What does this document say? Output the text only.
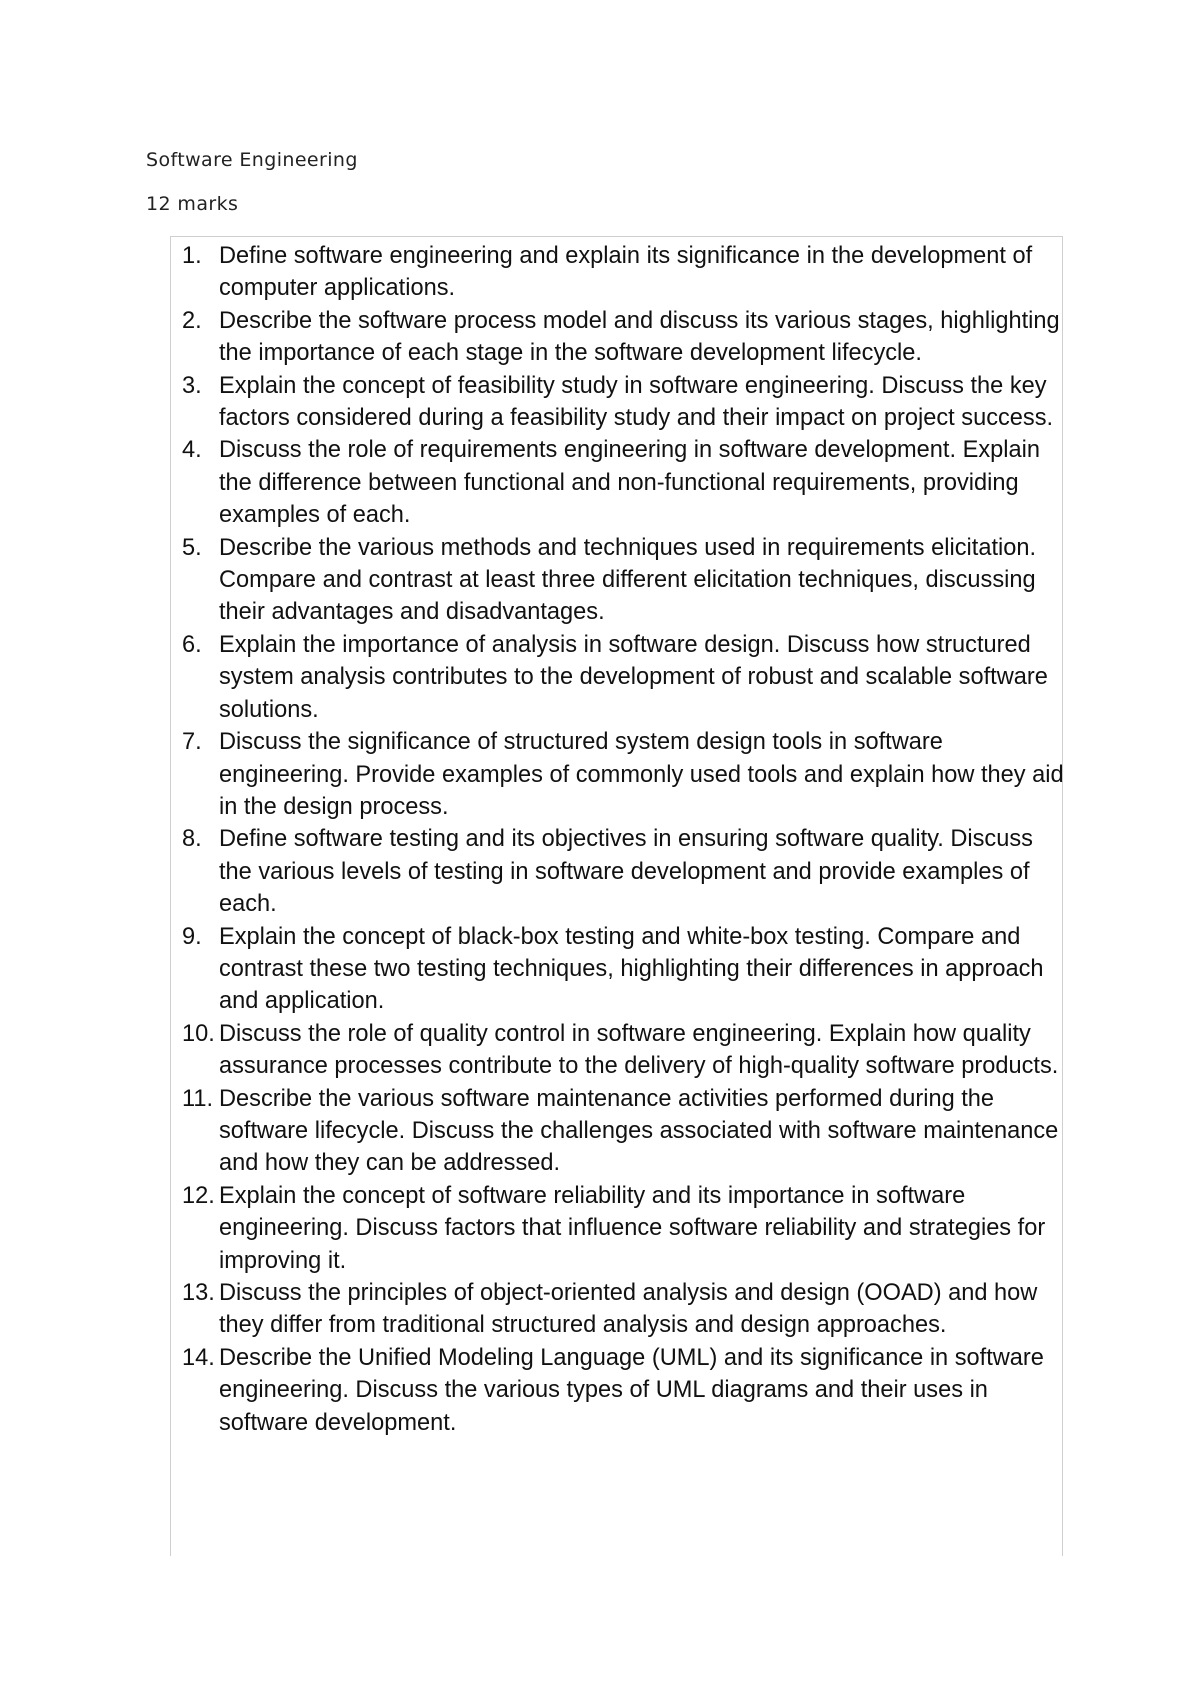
Software Engineering
12 marks
1. Define software engineering and explain its significance in the development of computer applications.
2. Describe the software process model and discuss its various stages, highlighting the importance of each stage in the software development lifecycle.
3. Explain the concept of feasibility study in software engineering. Discuss the key factors considered during a feasibility study and their impact on project success.
4. Discuss the role of requirements engineering in software development. Explain the difference between functional and non-functional requirements, providing examples of each.
5. Describe the various methods and techniques used in requirements elicitation. Compare and contrast at least three different elicitation techniques, discussing their advantages and disadvantages.
6. Explain the importance of analysis in software design. Discuss how structured system analysis contributes to the development of robust and scalable software solutions.
7. Discuss the significance of structured system design tools in software engineering. Provide examples of commonly used tools and explain how they aid in the design process.
8. Define software testing and its objectives in ensuring software quality. Discuss the various levels of testing in software development and provide examples of each.
9. Explain the concept of black-box testing and white-box testing. Compare and contrast these two testing techniques, highlighting their differences in approach and application.
10. Discuss the role of quality control in software engineering. Explain how quality assurance processes contribute to the delivery of high-quality software products.
11. Describe the various software maintenance activities performed during the software lifecycle. Discuss the challenges associated with software maintenance and how they can be addressed.
12. Explain the concept of software reliability and its importance in software engineering. Discuss factors that influence software reliability and strategies for improving it.
13. Discuss the principles of object-oriented analysis and design (OOAD) and how they differ from traditional structured analysis and design approaches.
14. Describe the Unified Modeling Language (UML) and its significance in software engineering. Discuss the various types of UML diagrams and their uses in software development.
